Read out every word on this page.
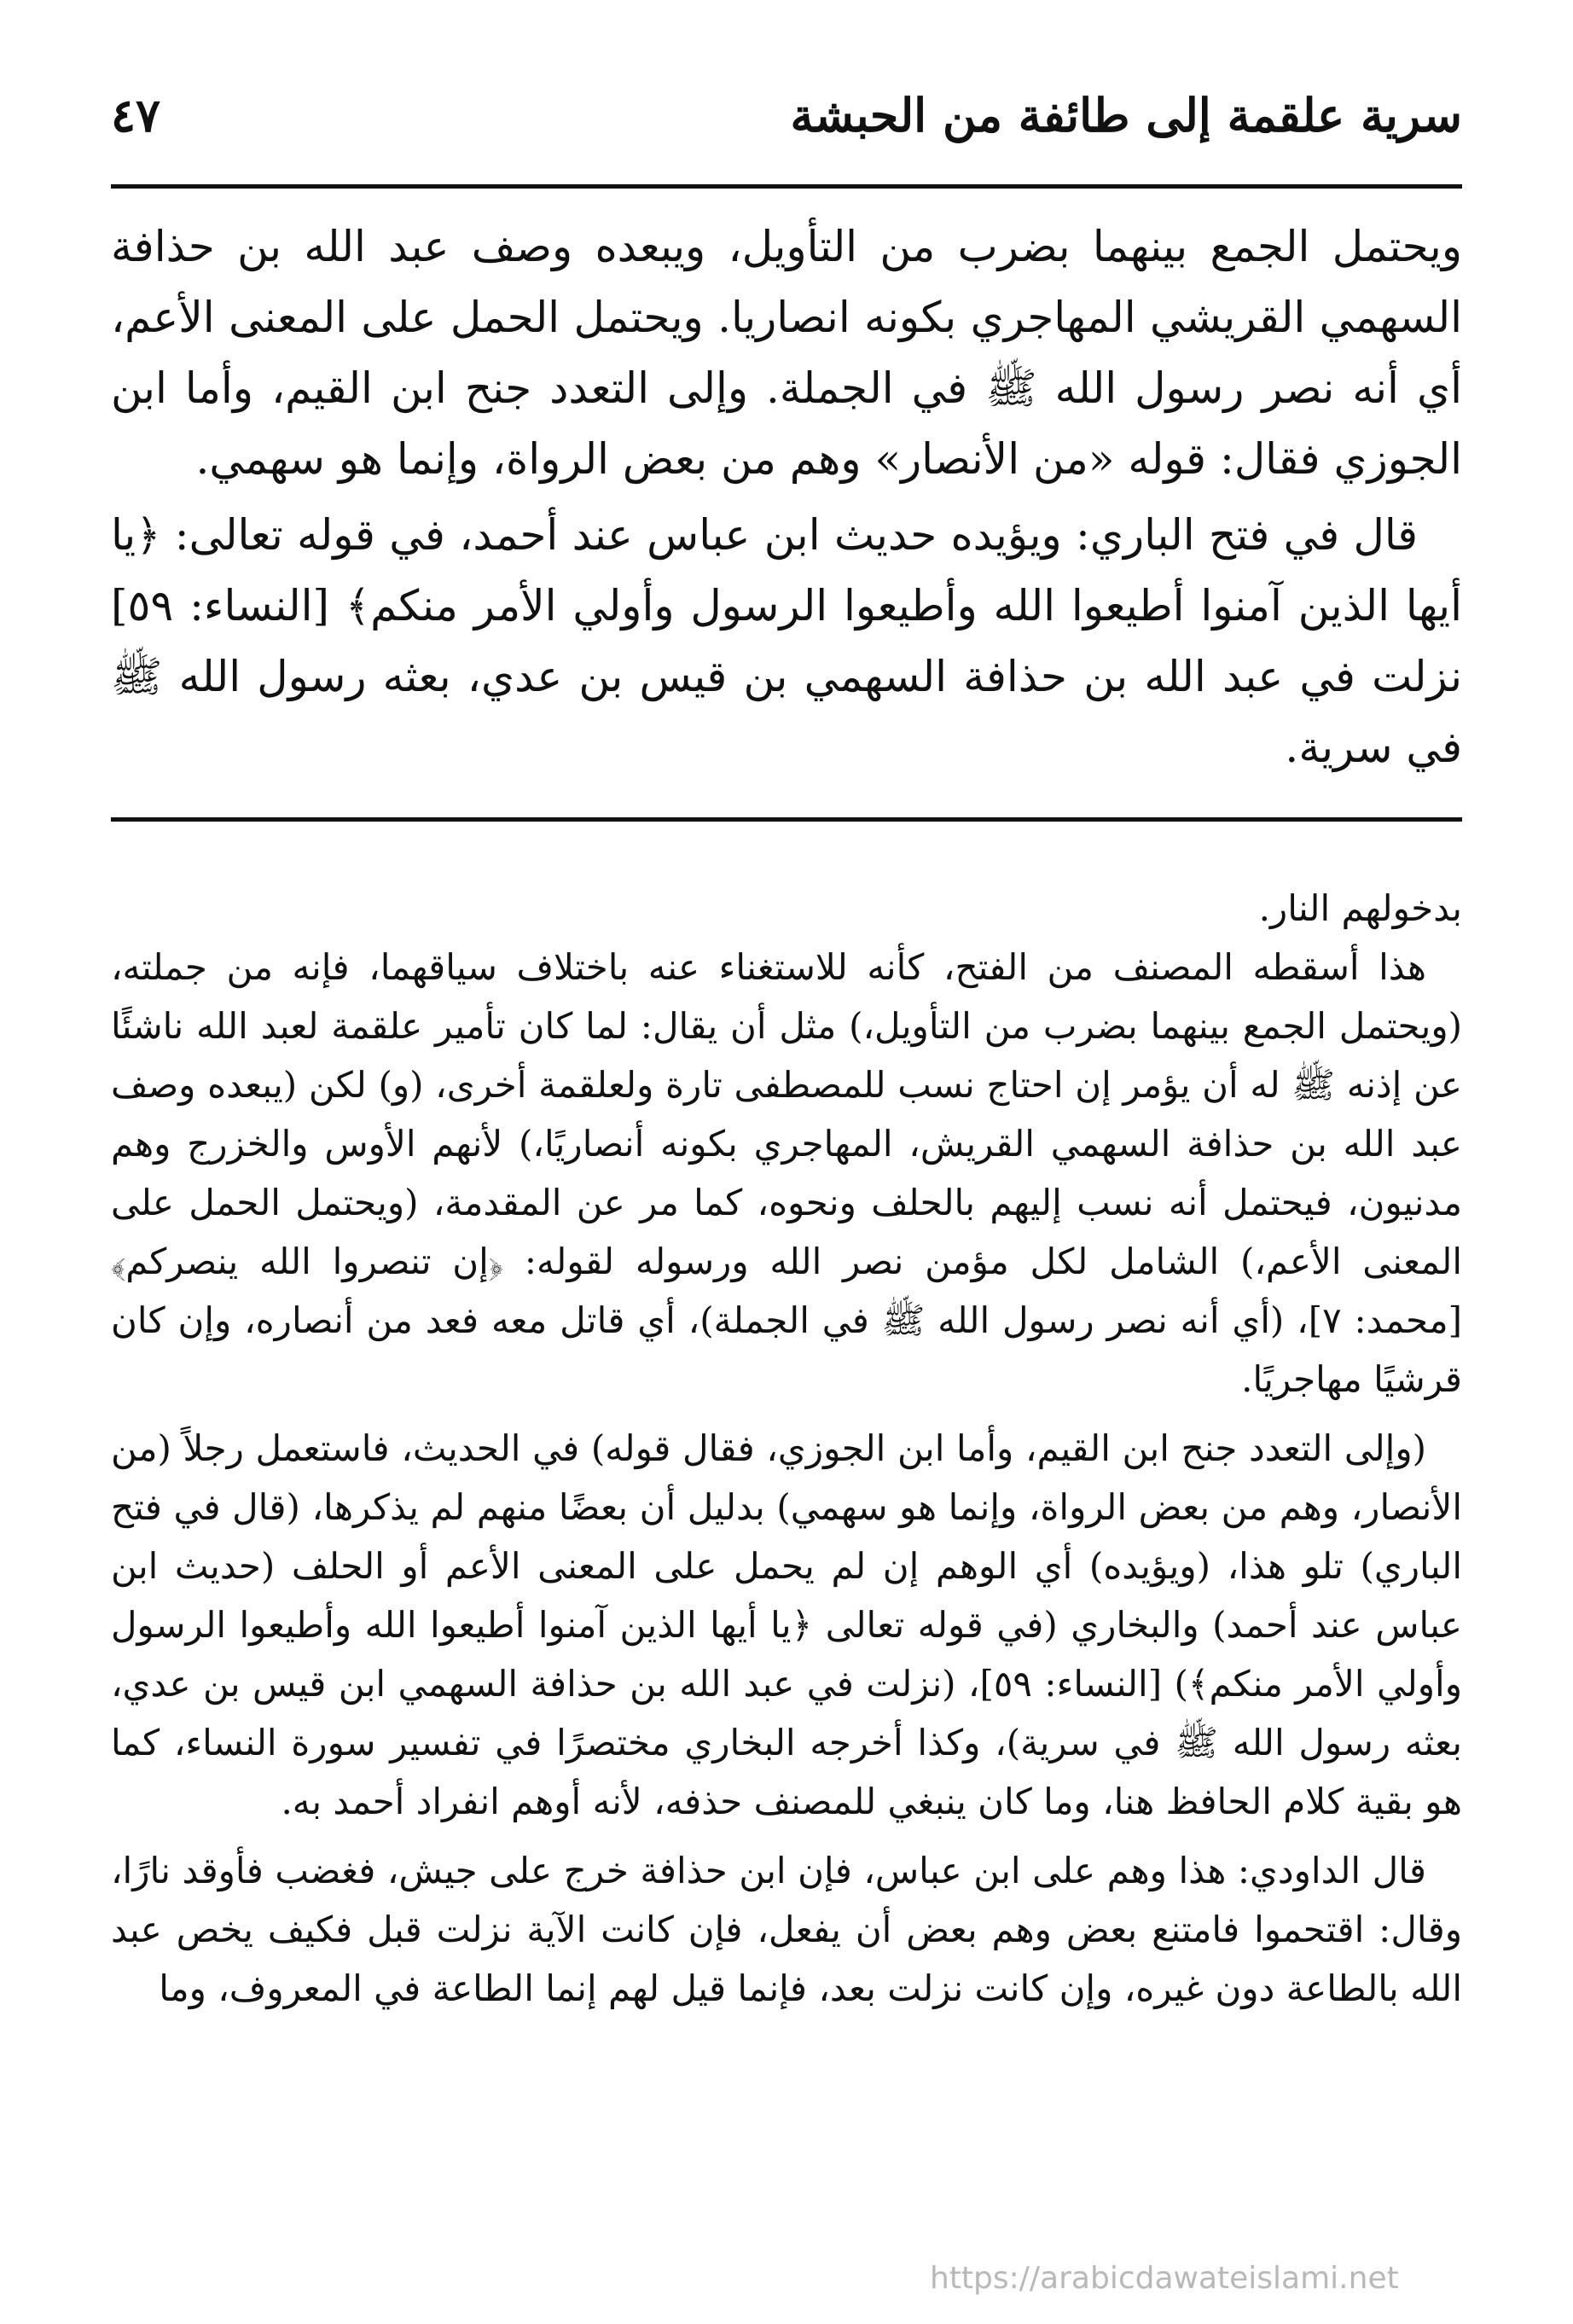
سرية علقمة إلى طائفة من الحبشة
٤٧

ويحتمل الجمع بينهما بضرب من التأويل، ويبعده وصف عبد الله بن حذافة السهمي القريشي المهاجري بكونه انصاريا. ويحتمل الحمل على المعنى الأعم، أي أنه نصر رسول الله ﷺ في الجملة. وإلى التعدد جنح ابن القيم، وأما ابن الجوزي فقال: قوله «من الأنصار» وهم من بعض الرواة، وإنما هو سهمي.

قال في فتح الباري: ويؤيده حديث ابن عباس عند أحمد، في قوله تعالى: ﴿يا أيها الذين آمنوا أطيعوا الله وأطيعوا الرسول وأولي الأمر منكم﴾ [النساء: ٥٩] نزلت في عبد الله بن حذافة السهمي بن قيس بن عدي، بعثه رسول الله ﷺ في سرية.

بدخولهم النار.

هذا أسقطه المصنف من الفتح، كأنه للاستغناء عنه باختلاف سياقهما، فإنه من جملته، (ويحتمل الجمع بينهما بضرب من التأويل،) مثل أن يقال: لما كان تأمير علقمة لعبد الله ناشئًا عن إذنه ﷺ له أن يؤمر إن احتاج نسب للمصطفى تارة ولعلقمة أخرى، (و) لكن (يبعده وصف عبد الله بن حذافة السهمي القريش، المهاجري بكونه أنصاريًا،) لأنهم الأوس والخزرج وهم مدنيون، فيحتمل أنه نسب إليهم بالحلف ونحوه، كما مر عن المقدمة، (ويحتمل الحمل على المعنى الأعم،) الشامل لكل مؤمن نصر الله ورسوله لقوله: ﴿إن تنصروا الله ينصركم﴾ [محمد: ٧]، (أي أنه نصر رسول الله ﷺ في الجملة)، أي قاتل معه فعد من أنصاره، وإن كان قرشيًا مهاجريًا.

(وإلى التعدد جنح ابن القيم، وأما ابن الجوزي، فقال قوله) في الحديث، فاستعمل رجلاً (من الأنصار، وهم من بعض الرواة، وإنما هو سهمي) بدليل أن بعضًا منهم لم يذكرها، (قال في فتح الباري) تلو هذا، (ويؤيده) أي الوهم إن لم يحمل على المعنى الأعم أو الحلف (حديث ابن عباس عند أحمد) والبخاري (في قوله تعالى ﴿يا أيها الذين آمنوا أطيعوا الله وأطيعوا الرسول وأولي الأمر منكم﴾) [النساء: ٥٩]، (نزلت في عبد الله بن حذافة السهمي ابن قيس بن عدي، بعثه رسول الله ﷺ في سرية)، وكذا أخرجه البخاري مختصرًا في تفسير سورة النساء، كما هو بقية كلام الحافظ هنا، وما كان ينبغي للمصنف حذفه، لأنه أوهم انفراد أحمد به.

قال الداودي: هذا وهم على ابن عباس، فإن ابن حذافة خرج على جيش، فغضب فأوقد نارًا، وقال: اقتحموا فامتنع بعض وهم بعض أن يفعل، فإن كانت الآية نزلت قبل فكيف يخص عبد الله بالطاعة دون غيره، وإن كانت نزلت بعد، فإنما قيل لهم إنما الطاعة في المعروف، وما

https://arabicdawateislami.net
